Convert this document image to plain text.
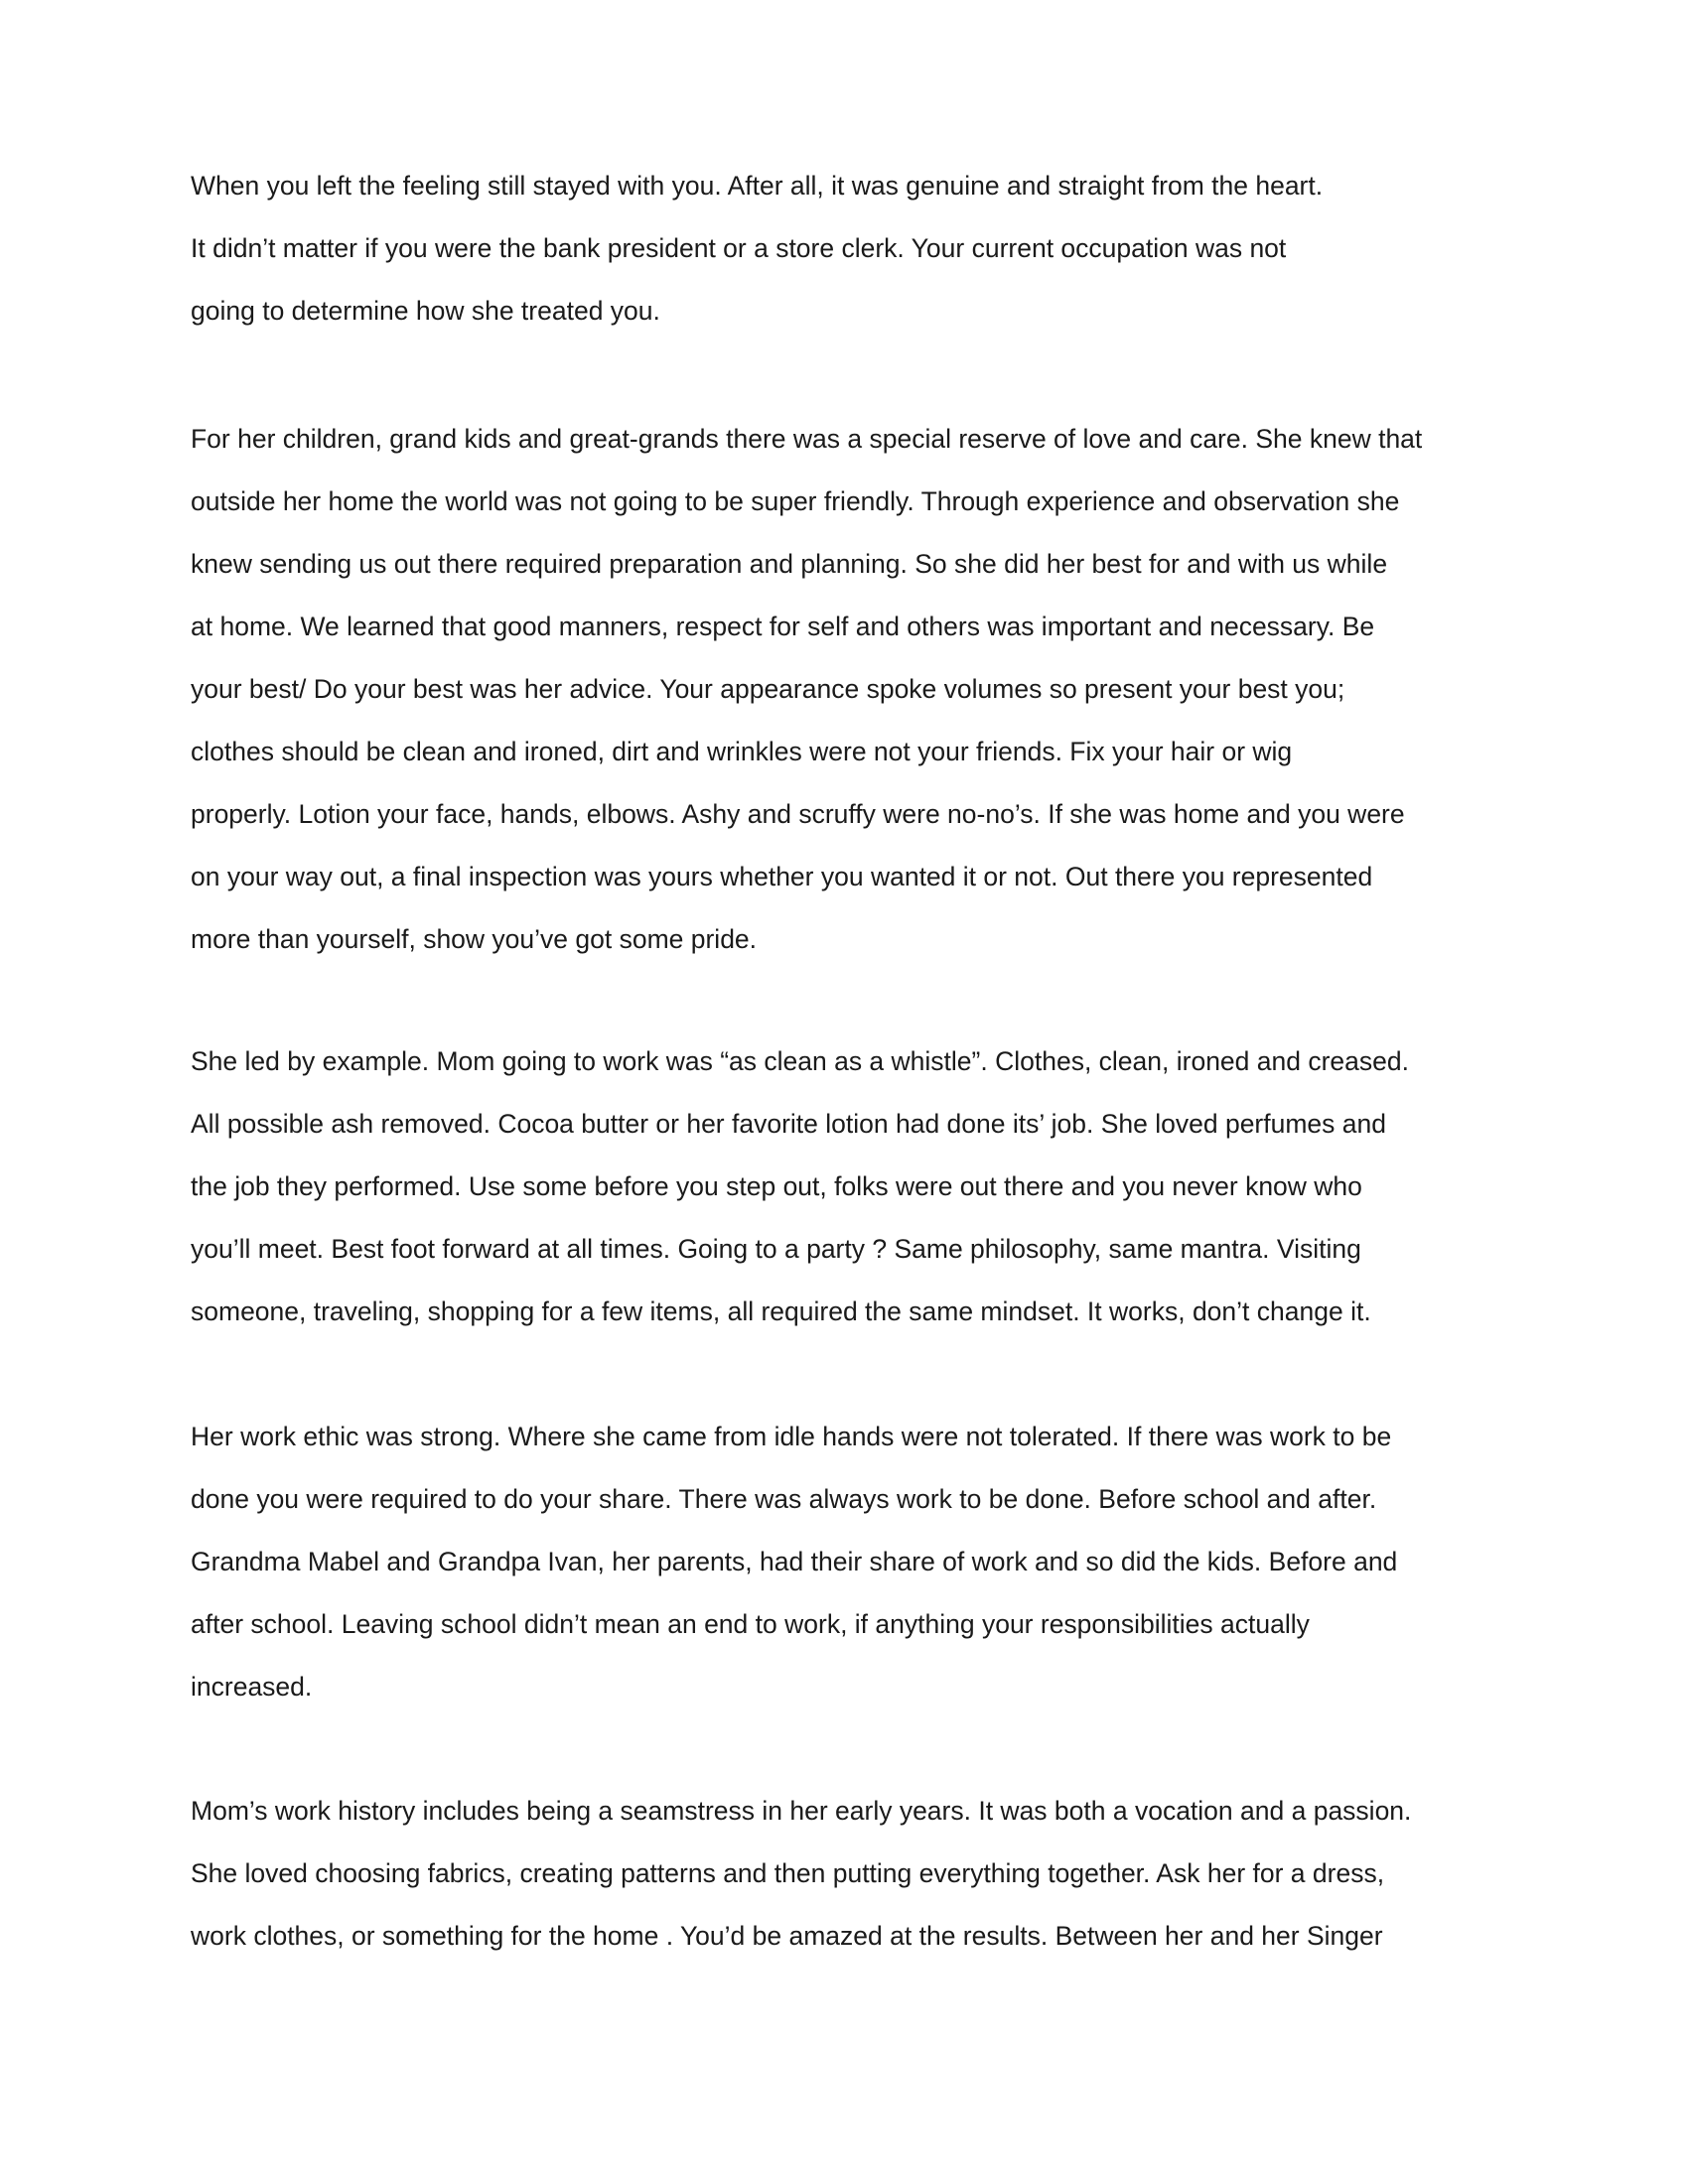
When you left the feeling still stayed with you. After all, it was genuine and straight from the heart.
It didn’t matter if you were the bank president or a store clerk. Your current occupation was not
going to determine how she treated you.
For her children, grand kids and great-grands there was a special reserve of love and care. She knew that
outside her home the world was not going to be super friendly. Through experience and observation she
knew sending us out there required preparation and planning. So she did her best for and with us while
at home. We learned that good manners, respect for self and others was important and necessary. Be
your best/ Do your best was her advice. Your appearance spoke volumes so present your best you;
clothes should be clean and ironed, dirt and wrinkles were not your friends. Fix your hair or wig
properly. Lotion your face, hands, elbows. Ashy and scruffy were no-no’s. If she was home and you were
on your way out, a final inspection was yours whether you wanted it or not. Out there you represented
more than yourself, show you’ve got some pride.
She led by example. Mom going to work was “as clean as a whistle”. Clothes, clean, ironed and creased.
All possible ash removed. Cocoa butter or her favorite lotion had done its’ job. She loved perfumes and
the job they performed. Use some before you step out, folks were out there and you never know who
you’ll meet. Best foot forward at all times. Going to a party ? Same philosophy, same mantra. Visiting
someone, traveling, shopping for a few items, all required the same mindset. It works, don’t change it.
Her work ethic was strong. Where she came from idle hands were not tolerated. If there was work to be
done you were required to do your share. There was always work to be done. Before school and after.
Grandma Mabel and Grandpa Ivan, her parents, had their share of work and so did the kids. Before and
after school. Leaving school didn’t mean an end to work, if anything your responsibilities actually
increased.
Mom’s work history includes being a seamstress in her early years. It was both a vocation and a passion.
She loved choosing fabrics, creating patterns and then putting everything together. Ask her for a dress,
work clothes, or something for the home . You’d be amazed at the results. Between her and her Singer
